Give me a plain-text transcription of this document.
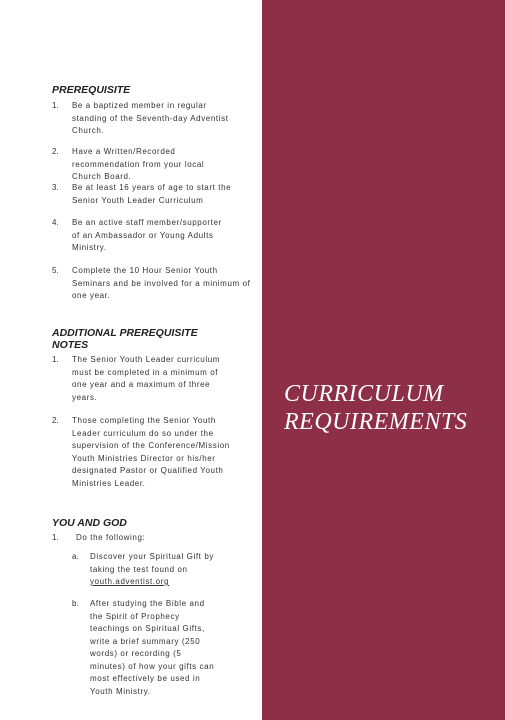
CURRICULUM
REQUIREMENTS
PREREQUISITE
1. Be a baptized member in regular standing of the Seventh-day Adventist Church.
2. Have a Written/Recorded recommendation from your local Church Board.
3. Be at least 16 years of age to start the Senior Youth Leader Curriculum
4. Be an active staff member/supporter of an Ambassador or Young Adults Ministry.
5. Complete the 10 Hour Senior Youth Seminars and be involved for a minimum of one year.
ADDITIONAL PREREQUISITE
NOTES
1. The Senior Youth Leader curriculum must be completed in a minimum of one year and a maximum of three years.
2. Those completing the Senior Youth Leader curriculum do so under the supervision of the Conference/Mission Youth Ministries Director or his/her designated Pastor or Qualified Youth Ministries Leader.
YOU AND GOD
1. Do the following:
a. Discover your Spiritual Gift by taking the test found on youth.adventist.org
b. After studying the Bible and the Spirit of Prophecy teachings on Spiritual Gifts, write a brief summary (250 words) or recording (5 minutes) of how your gifts can most effectively be used in Youth Ministry.
